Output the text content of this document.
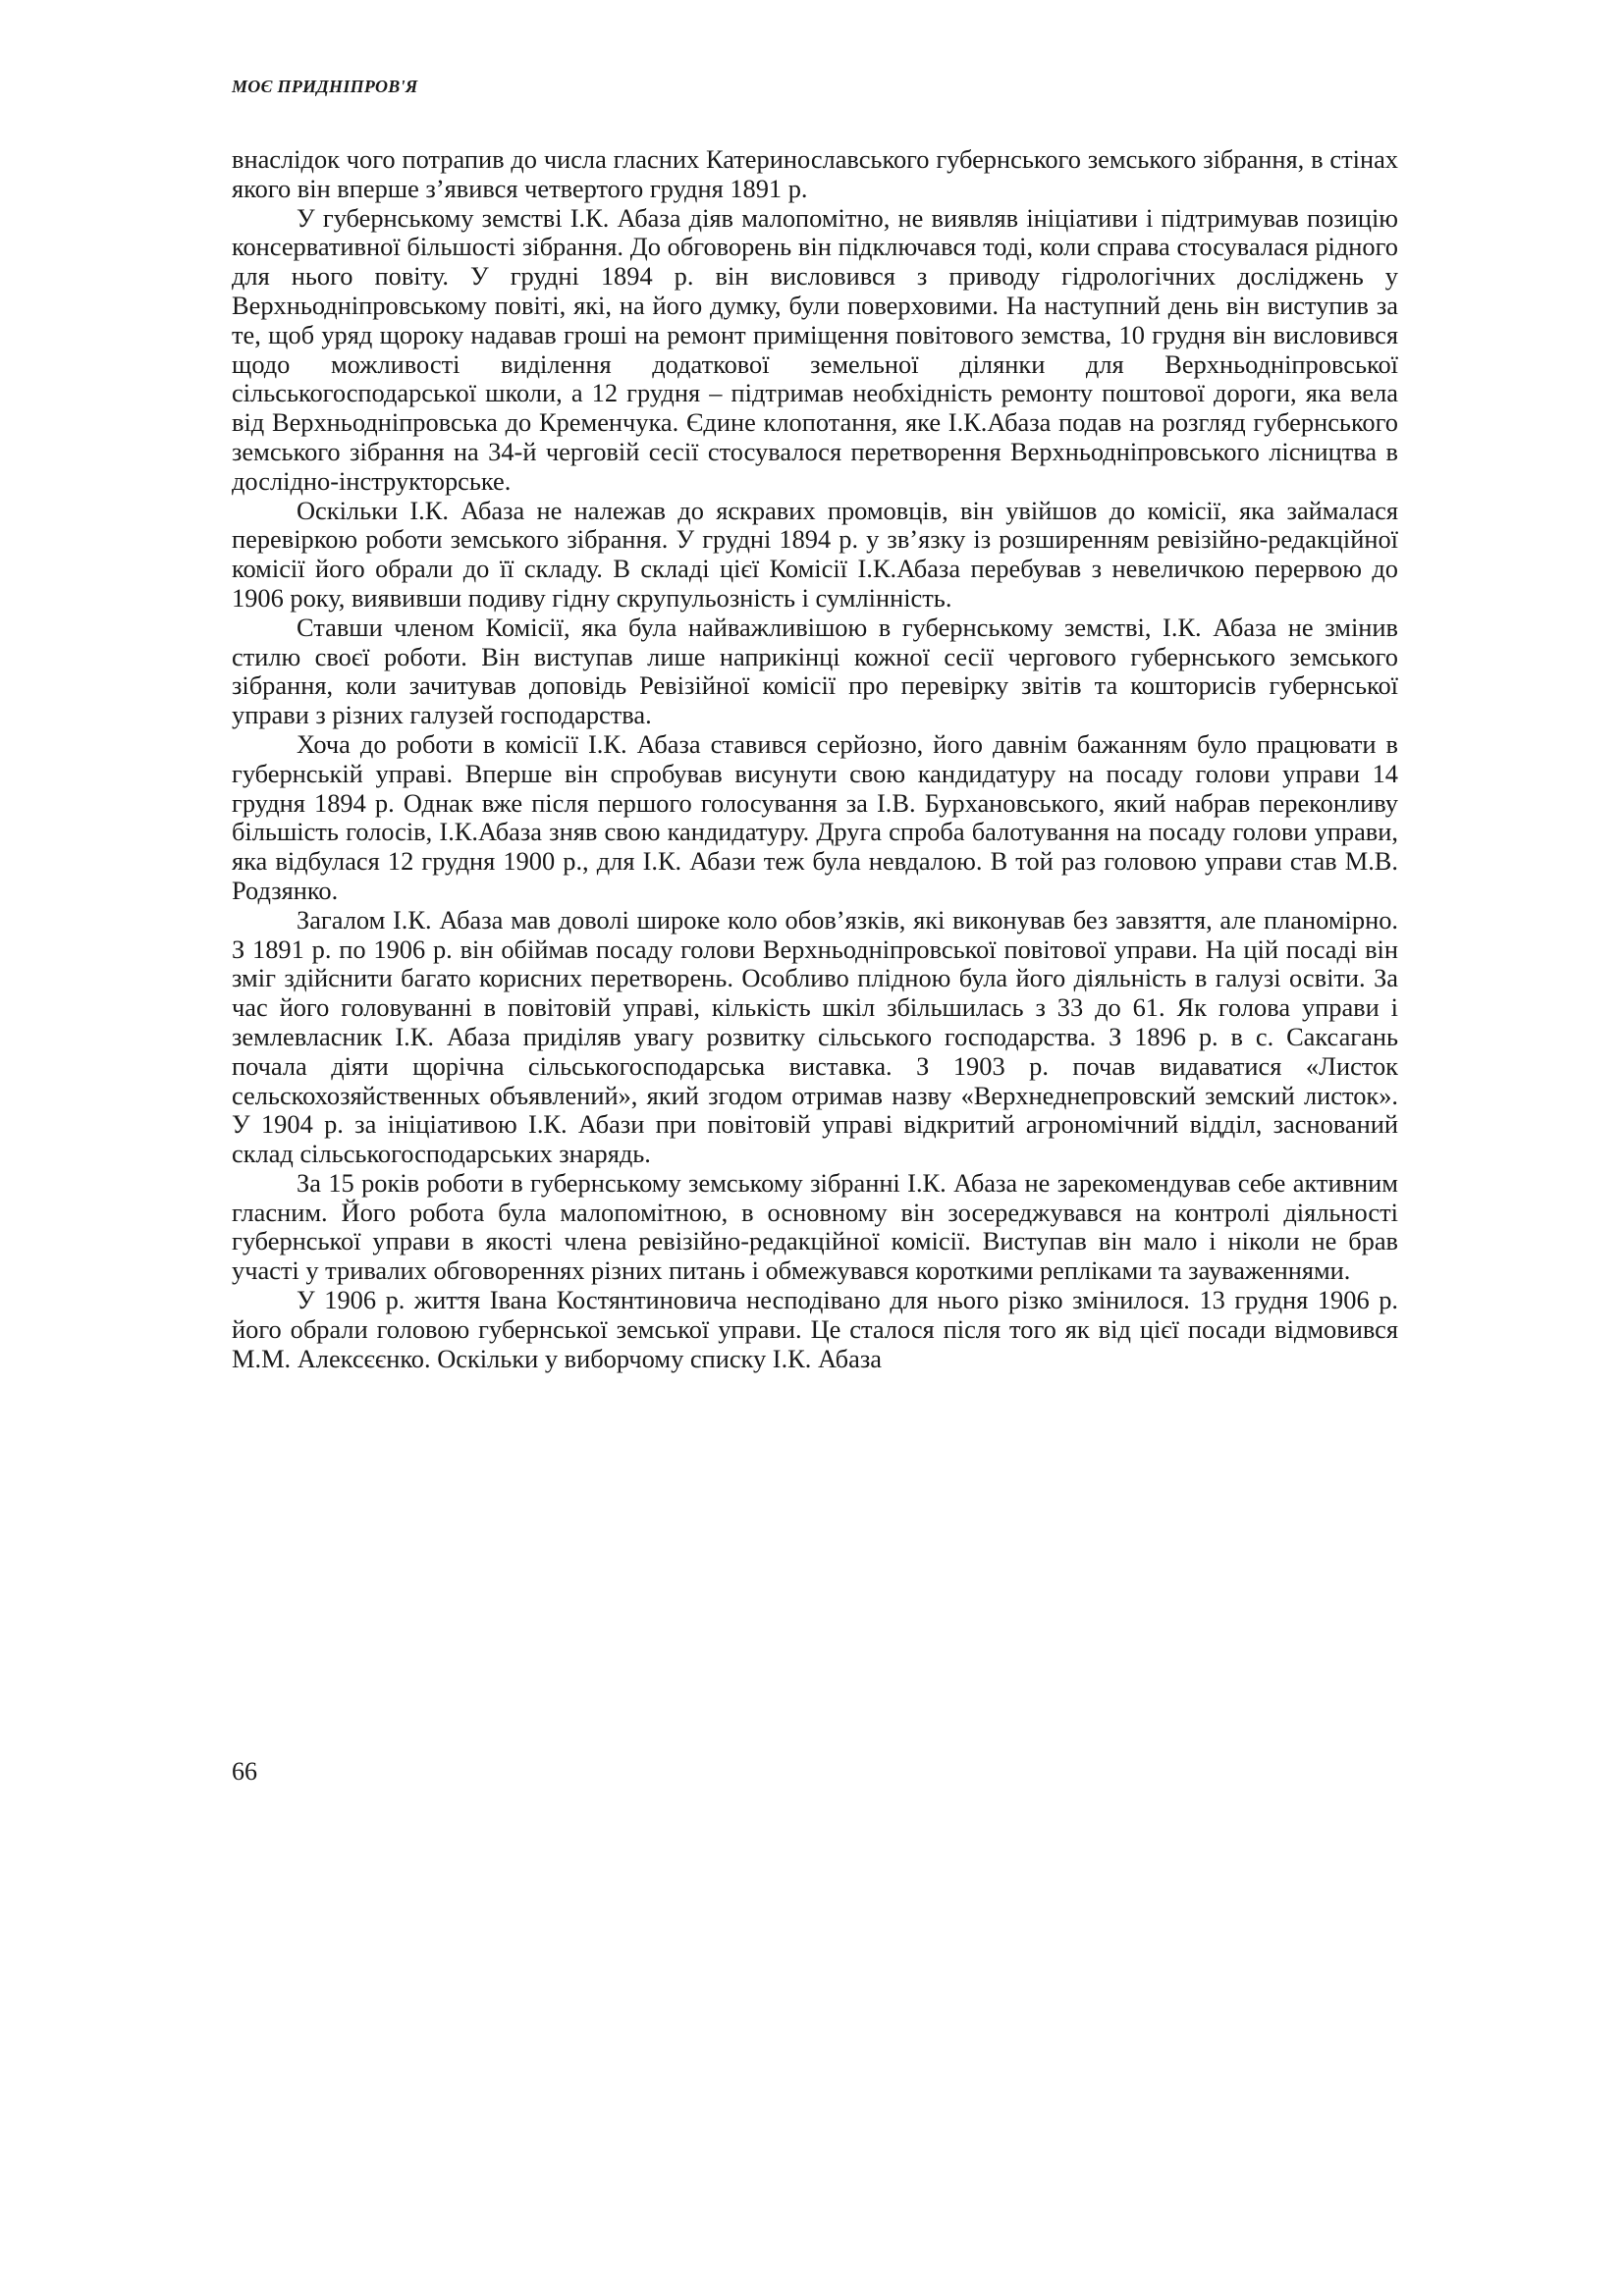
МОЄ ПРИДНІПРОВ'Я

внаслідок чого потрапив до числа гласних Катеринославського губернського земського зібрання, в стінах якого він вперше з’явився четвертого грудня 1891 р.

У губернському земстві І.К. Абаза діяв малопомітно, не виявляв ініціативи і підтримував позицію консервативної більшості зібрання. До обговорень він підключався тоді, коли справа стосувалася рідного для нього повіту. У грудні 1894 р. він висловився з приводу гідрологічних досліджень у Верхньодніпровському повіті, які, на його думку, були поверховими. На наступний день він виступив за те, щоб уряд щороку надавав гроші на ремонт приміщення повітового земства, 10 грудня він висловився щодо можливості виділення додаткової земельної ділянки для Верхньодніпровської сільськогосподарської школи, а 12 грудня – підтримав необхідність ремонту поштової дороги, яка вела від Верхньодніпровська до Кременчука. Єдине клопотання, яке І.К.Абаза подав на розгляд губернського земського зібрання на 34-й черговій сесії стосувалося перетворення Верхньодніпровського лісництва в дослідно-інструкторське.

Оскільки І.К. Абаза не належав до яскравих промовців, він увійшов до комісії, яка займалася перевіркою роботи земського зібрання. У грудні 1894 р. у зв’язку із розширенням ревізійно-редакційної комісії його обрали до її складу. В складі цієї Комісії І.К.Абаза перебував з невеличкою перервою до 1906 року, виявивши подиву гідну скрупульозність і сумлінність.

Ставши членом Комісії, яка була найважливішою в губернському земстві, І.К. Абаза не змінив стилю своєї роботи. Він виступав лише наприкінці кожної сесії чергового губернського земського зібрання, коли зачитував доповідь Ревізійної комісії про перевірку звітів та кошторисів губернської управи з різних галузей господарства.

Хоча до роботи в комісії І.К. Абаза ставився серйозно, його давнім бажанням було працювати в губернській управі. Вперше він спробував висунути свою кандидатуру на посаду голови управи 14 грудня 1894 р. Однак вже після першого голосування за І.В. Бурхановського, який набрав переконливу більшість голосів, І.К.Абаза зняв свою кандидатуру. Друга спроба балотування на посаду голови управи, яка відбулася 12 грудня 1900 р., для І.К. Абази теж була невдалою. В той раз головою управи став М.В. Родзянко.

Загалом І.К. Абаза мав доволі широке коло обов’язків, які виконував без завзяття, але планомірно. З 1891 р. по 1906 р. він обіймав посаду голови Верхньодніпровської повітової управи. На цій посаді він зміг здійснити багато корисних перетворень. Особливо плідною була його діяльність в галузі освіти. За час його головуванні в повітовій управі, кількість шкіл збільшилась з 33 до 61. Як голова управи і землевласник І.К. Абаза приділяв увагу розвитку сільського господарства. З 1896 р. в с. Саксагань почала діяти щорічна сільськогосподарська виставка. З 1903 р. почав видаватися «Листок сельскохозяйственных объявлений», який згодом отримав назву «Верхнеднепровский земский листок». У 1904 р. за ініціативою І.К. Абази при повітовій управі відкритий агрономічний відділ, заснований склад сільськогосподарських знарядь.

За 15 років роботи в губернському земському зібранні І.К. Абаза не зарекомендував себе активним гласним. Його робота була малопомітною, в основному він зосереджувався на контролі діяльності губернської управи в якості члена ревізійно-редакційної комісії. Виступав він мало і ніколи не брав участі у тривалих обговореннях різних питань і обмежувався короткими репліками та зауваженнями.

У 1906 р. життя Івана Костянтиновича несподівано для нього різко змінилося. 13 грудня 1906 р. його обрали головою губернської земської управи. Це сталося після того як від цієї посади відмовився М.М. Алексєєнко. Оскільки у виборчому списку І.К. Абаза

66
